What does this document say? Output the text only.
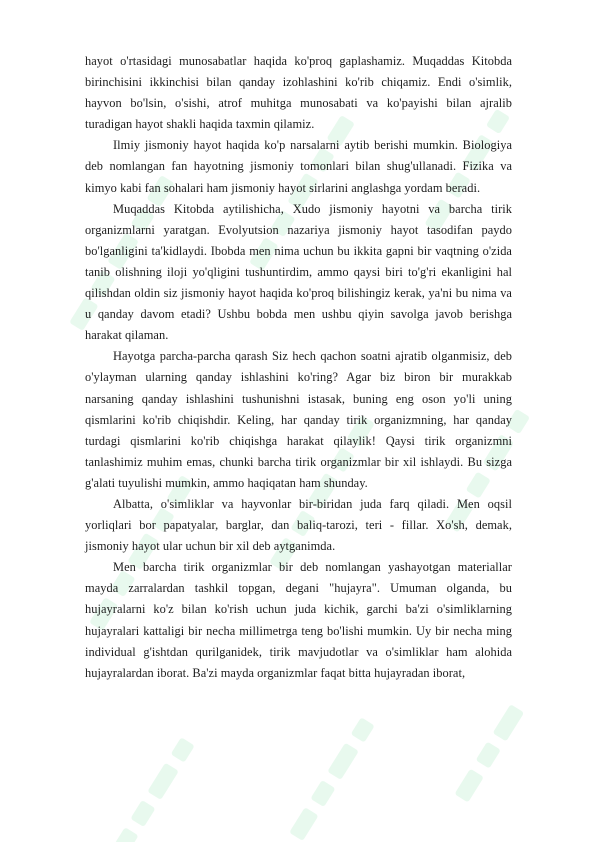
hayot o'rtasidagi munosabatlar haqida ko'proq gaplashamiz. Muqaddas Kitobda birinchisini ikkinchisi bilan qanday izohlashini ko'rib chiqamiz. Endi o'simlik, hayvon bo'lsin, o'sishi, atrof muhitga munosabati va ko'payishi bilan ajralib turadigan hayot shakli haqida taxmin qilamiz.

Ilmiy jismoniy hayot haqida ko'p narsalarni aytib berishi mumkin. Biologiya deb nomlangan fan hayotning jismoniy tomonlari bilan shug'ullanadi. Fizika va kimyo kabi fan sohalari ham jismoniy hayot sirlarini anglashga yordam beradi.

Muqaddas Kitobda aytilishicha, Xudo jismoniy hayotni va barcha tirik organizmlarni yaratgan. Evolyutsion nazariya jismoniy hayot tasodifan paydo bo'lganligini ta'kidlaydi. Ibobda men nima uchun bu ikkita gapni bir vaqtning o'zida tanib olishning iloji yo'qligini tushuntirdim, ammo qaysi biri to'g'ri ekanligini hal qilishdan oldin siz jismoniy hayot haqida ko'proq bilishingiz kerak, ya'ni bu nima va u qanday davom etadi? Ushbu bobda men ushbu qiyin savolga javob berishga harakat qilaman.

Hayotga parcha-parcha qarash Siz hech qachon soatni ajratib olganmisiz, deb o'ylayman ularning qanday ishlashini ko'ring? Agar biz biron bir murakkab narsaning qanday ishlashini tushunishni istasak, buning eng oson yo'li uning qismlarini ko'rib chiqishdir. Keling, har qanday tirik organizmning, har qanday turdagi qismlarini ko'rib chiqishga harakat qilaylik! Qaysi tirik organizmni tanlashimiz muhim emas, chunki barcha tirik organizmlar bir xil ishlaydi. Bu sizga g'alati tuyulishi mumkin, ammo haqiqatan ham shunday.

Albatta, o'simliklar va hayvonlar bir-biridan juda farq qiladi. Men oqsil yorliqlari bor papatyalar, barglar, dan baliq-tarozi, teri - fillar. Xo'sh, demak, jismoniy hayot ular uchun bir xil deb aytganimda.

Men barcha tirik organizmlar bir deb nomlangan yashayotgan materiallar mayda zarralardan tashkil topgan, degani "hujayra". Umuman olganda, bu hujayralarni ko'z bilan ko'rish uchun juda kichik, garchi ba'zi o'simliklarning hujayralari kattaligi bir necha millimetrga teng bo'lishi mumkin. Uy bir necha ming individual g'ishtdan qurilganidek, tirik mavjudotlar va o'simliklar ham alohida hujayralardan iborat. Ba'zi mayda organizmlar faqat bitta hujayradan iborat,
